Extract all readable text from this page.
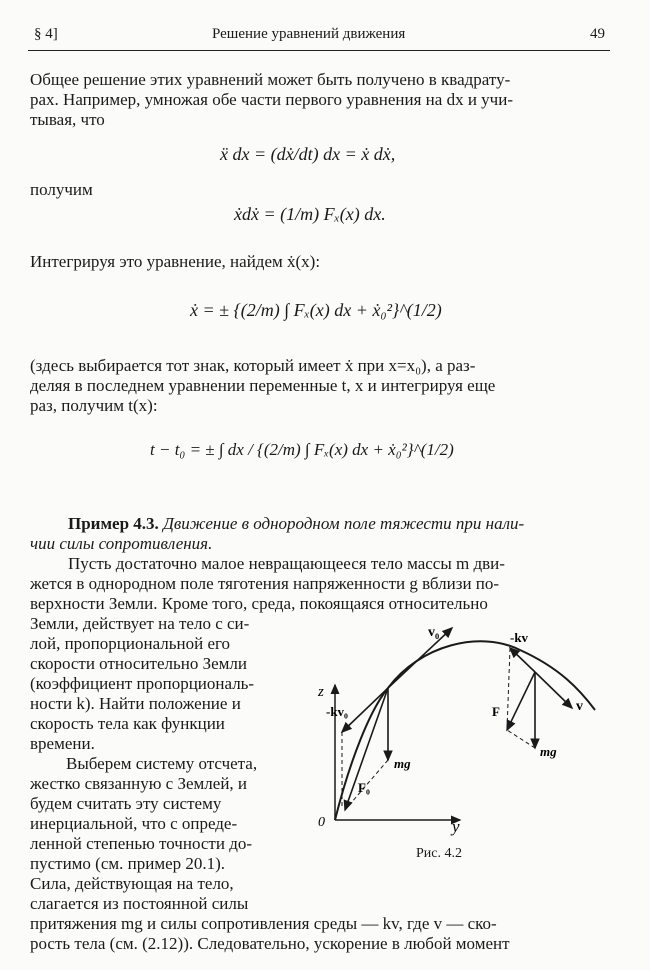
§ 4]	Решение уравнений движения	49
Общее решение этих уравнений может быть получено в квадрату-
рах. Например, умножая обе части первого уравнения на dx и учи-
тывая, что
ẍ dx = (dẋ/dt) dx = ẋ dẋ,
получим
ẋdẋ = (1/m) Fₓ(x) dx.
Интегрируя это уравнение, найдем ẋ(x):
ẋ = ± {(2/m) ∫ Fₓ(x) dx + ẋ₀²}^(1/2)
(здесь выбирается тот знак, который имеет ẋ при x=x₀), а раз-
деляя в последнем уравнении переменные t, x и интегрируя еще
раз, получим t(x):
t − t₀ = ± ∫ dx / {(2/m) ∫ Fₓ(x) dx + ẋ₀²}^(1/2)
Пример 4.3. Движение в однородном поле тяжести при нали-
чии силы сопротивления.
Пусть достаточно малое невращающееся тело массы m дви-
жется в однородном поле тяготения напряженности g вблизи по-
верхности Земли. Кроме того, среда, покоящаяся относительно
Земли, действует на тело с си-
лой, пропорциональной его
скорости относительно Земли
(коэффициент пропорциональ-
ности k). Найти положение и
скорость тела как функции
времени.
Выберем систему отсчета,
жестко связанную с Землей, и
будем считать эту систему
инерциальной, что с опреде-
ленной степенью точности до-
пустимо (см. пример 20.1).
Сила, действующая на тело,
слагается из постоянной силы
притяжения mg и силы сопротивления среды — kv, где v — ско-
рость тела (см. (2.12)). Следовательно, ускорение в любой момент
z
y
0
v₀
-kv₀
mg
F₀
-kv
F	v
mg
Рис. 4.2
